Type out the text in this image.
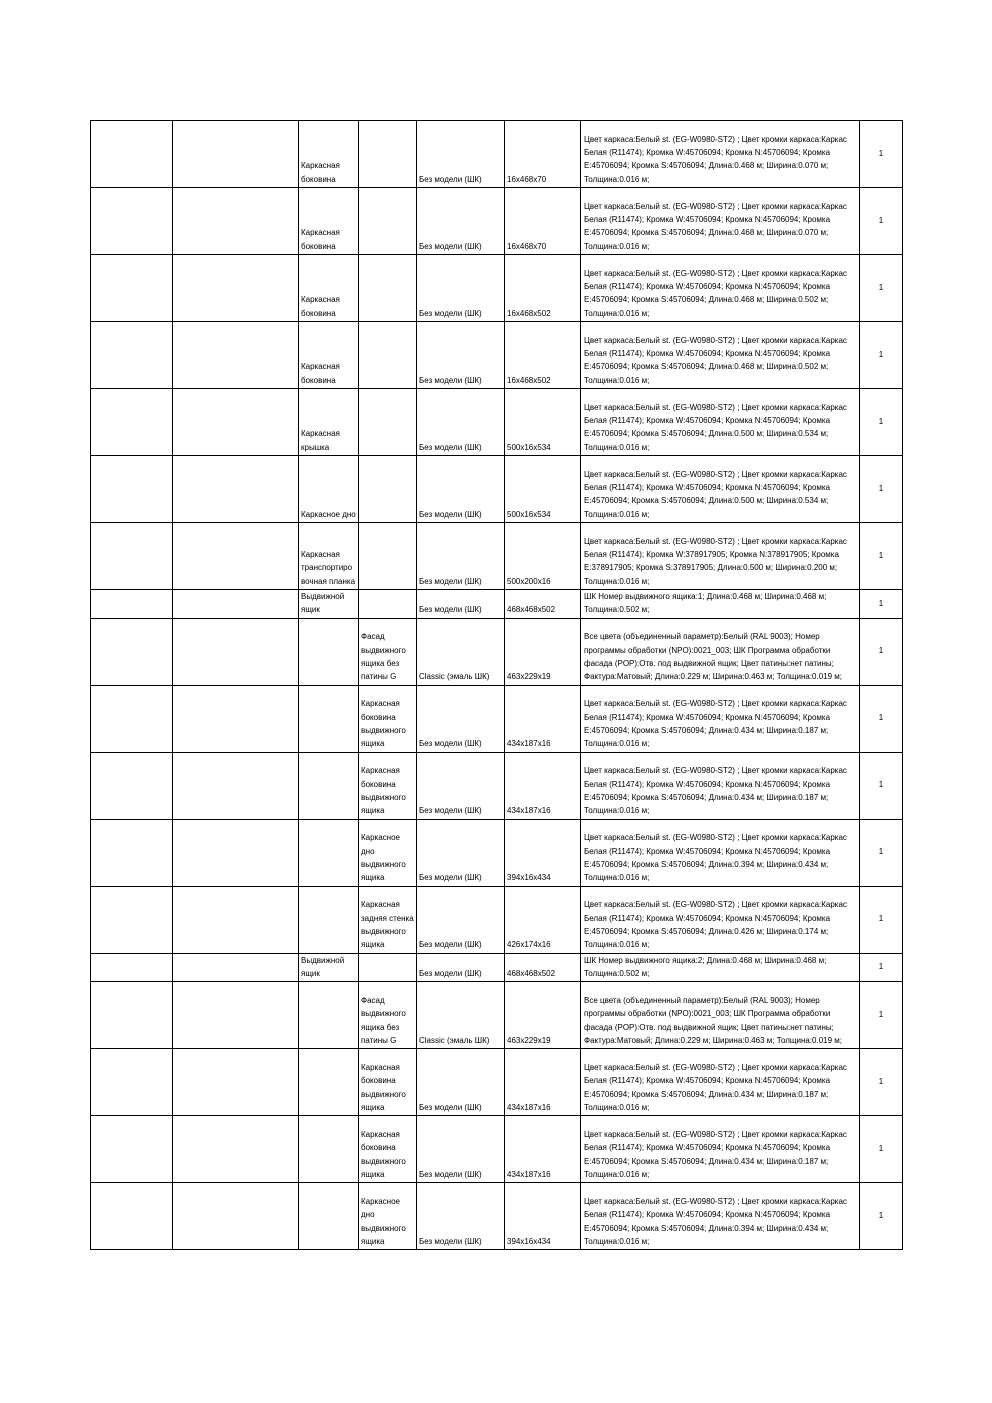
		Каркасная боковина		Без модели (ШК)	16x468x70	Цвет каркаса:Белый st. (EG-W0980-ST2) ; Цвет кромки каркаса:Каркас Белая (R11474); Кромка W:45706094; Кромка N:45706094; Кромка E:45706094; Кромка S:45706094; Длина:0.468 м; Ширина:0.070 м; Толщина:0.016 м;	1
		Каркасная боковина		Без модели (ШК)	16x468x70	Цвет каркаса:Белый st. (EG-W0980-ST2) ; Цвет кромки каркаса:Каркас Белая (R11474); Кромка W:45706094; Кромка N:45706094; Кромка E:45706094; Кромка S:45706094; Длина:0.468 м; Ширина:0.070 м; Толщина:0.016 м;	1
		Каркасная боковина		Без модели (ШК)	16x468x502	Цвет каркаса:Белый st. (EG-W0980-ST2) ; Цвет кромки каркаса:Каркас Белая (R11474); Кромка W:45706094; Кромка N:45706094; Кромка E:45706094; Кромка S:45706094; Длина:0.468 м; Ширина:0.502 м; Толщина:0.016 м;	1
		Каркасная боковина		Без модели (ШК)	16x468x502	Цвет каркаса:Белый st. (EG-W0980-ST2) ; Цвет кромки каркаса:Каркас Белая (R11474); Кромка W:45706094; Кромка N:45706094; Кромка E:45706094; Кромка S:45706094; Длина:0.468 м; Ширина:0.502 м; Толщина:0.016 м;	1
		Каркасная крышка		Без модели (ШК)	500x16x534	Цвет каркаса:Белый st. (EG-W0980-ST2) ; Цвет кромки каркаса:Каркас Белая (R11474); Кромка W:45706094; Кромка N:45706094; Кромка E:45706094; Кромка S:45706094; Длина:0.500 м; Ширина:0.534 м; Толщина:0.016 м;	1
		Каркасное дно		Без модели (ШК)	500x16x534	Цвет каркаса:Белый st. (EG-W0980-ST2) ; Цвет кромки каркаса:Каркас Белая (R11474); Кромка W:45706094; Кромка N:45706094; Кромка E:45706094; Кромка S:45706094; Длина:0.500 м; Ширина:0.534 м; Толщина:0.016 м;	1
		Каркасная транспортировочная планка		Без модели (ШК)	500x200x16	Цвет каркаса:Белый st. (EG-W0980-ST2) ; Цвет кромки каркаса:Каркас Белая (R11474); Кромка W:378917905; Кромка N:378917905; Кромка E:378917905; Кромка S:378917905; Длина:0.500 м; Ширина:0.200 м; Толщина:0.016 м;	1
		Выдвижной ящик		Без модели (ШК)	468x468x502	ШК Номер выдвижного ящика:1; Длина:0.468 м; Ширина:0.468 м; Толщина:0.502 м;	1
			Фасад выдвижного ящика без патины G	Classic (эмаль ШК)	463x229x19	Все цвета (объединенный параметр):Белый (RAL 9003); Номер программы обработки (NPO):0021_003; ШК Программа обработки фасада (POP):Отв. под выдвижной ящик; Цвет патины:нет патины; Фактура:Матовый; Длина:0.229 м; Ширина:0.463 м; Толщина:0.019 м;	1
			Каркасная боковина выдвижного ящика	Без модели (ШК)	434x187x16	Цвет каркаса:Белый st. (EG-W0980-ST2) ; Цвет кромки каркаса:Каркас Белая (R11474); Кромка W:45706094; Кромка N:45706094; Кромка E:45706094; Кромка S:45706094; Длина:0.434 м; Ширина:0.187 м; Толщина:0.016 м;	1
			Каркасная боковина выдвижного ящика	Без модели (ШК)	434x187x16	Цвет каркаса:Белый st. (EG-W0980-ST2) ; Цвет кромки каркаса:Каркас Белая (R11474); Кромка W:45706094; Кромка N:45706094; Кромка E:45706094; Кромка S:45706094; Длина:0.434 м; Ширина:0.187 м; Толщина:0.016 м;	1
			Каркасное дно выдвижного ящика	Без модели (ШК)	394x16x434	Цвет каркаса:Белый st. (EG-W0980-ST2) ; Цвет кромки каркаса:Каркас Белая (R11474); Кромка W:45706094; Кромка N:45706094; Кромка E:45706094; Кромка S:45706094; Длина:0.394 м; Ширина:0.434 м; Толщина:0.016 м;	1
			Каркасная задняя стенка выдвижного ящика	Без модели (ШК)	426x174x16	Цвет каркаса:Белый st. (EG-W0980-ST2) ; Цвет кромки каркаса:Каркас Белая (R11474); Кромка W:45706094; Кромка N:45706094; Кромка E:45706094; Кромка S:45706094; Длина:0.426 м; Ширина:0.174 м; Толщина:0.016 м;	1
		Выдвижной ящик		Без модели (ШК)	468x468x502	ШК Номер выдвижного ящика:2; Длина:0.468 м; Ширина:0.468 м; Толщина:0.502 м;	1
			Фасад выдвижного ящика без патины G	Classic (эмаль ШК)	463x229x19	Все цвета (объединенный параметр):Белый (RAL 9003); Номер программы обработки (NPO):0021_003; ШК Программа обработки фасада (POP):Отв. под выдвижной ящик; Цвет патины:нет патины; Фактура:Матовый; Длина:0.229 м; Ширина:0.463 м; Толщина:0.019 м;	1
			Каркасная боковина выдвижного ящика	Без модели (ШК)	434x187x16	Цвет каркаса:Белый st. (EG-W0980-ST2) ; Цвет кромки каркаса:Каркас Белая (R11474); Кромка W:45706094; Кромка N:45706094; Кромка E:45706094; Кромка S:45706094; Длина:0.434 м; Ширина:0.187 м; Толщина:0.016 м;	1
			Каркасная боковина выдвижного ящика	Без модели (ШК)	434x187x16	Цвет каркаса:Белый st. (EG-W0980-ST2) ; Цвет кромки каркаса:Каркас Белая (R11474); Кромка W:45706094; Кромка N:45706094; Кромка E:45706094; Кромка S:45706094; Длина:0.434 м; Ширина:0.187 м; Толщина:0.016 м;	1
			Каркасное дно выдвижного ящика	Без модели (ШК)	394x16x434	Цвет каркаса:Белый st. (EG-W0980-ST2) ; Цвет кромки каркаса:Каркас Белая (R11474); Кромка W:45706094; Кромка N:45706094; Кромка E:45706094; Кромка S:45706094; Длина:0.394 м; Ширина:0.434 м; Толщина:0.016 м;	1
